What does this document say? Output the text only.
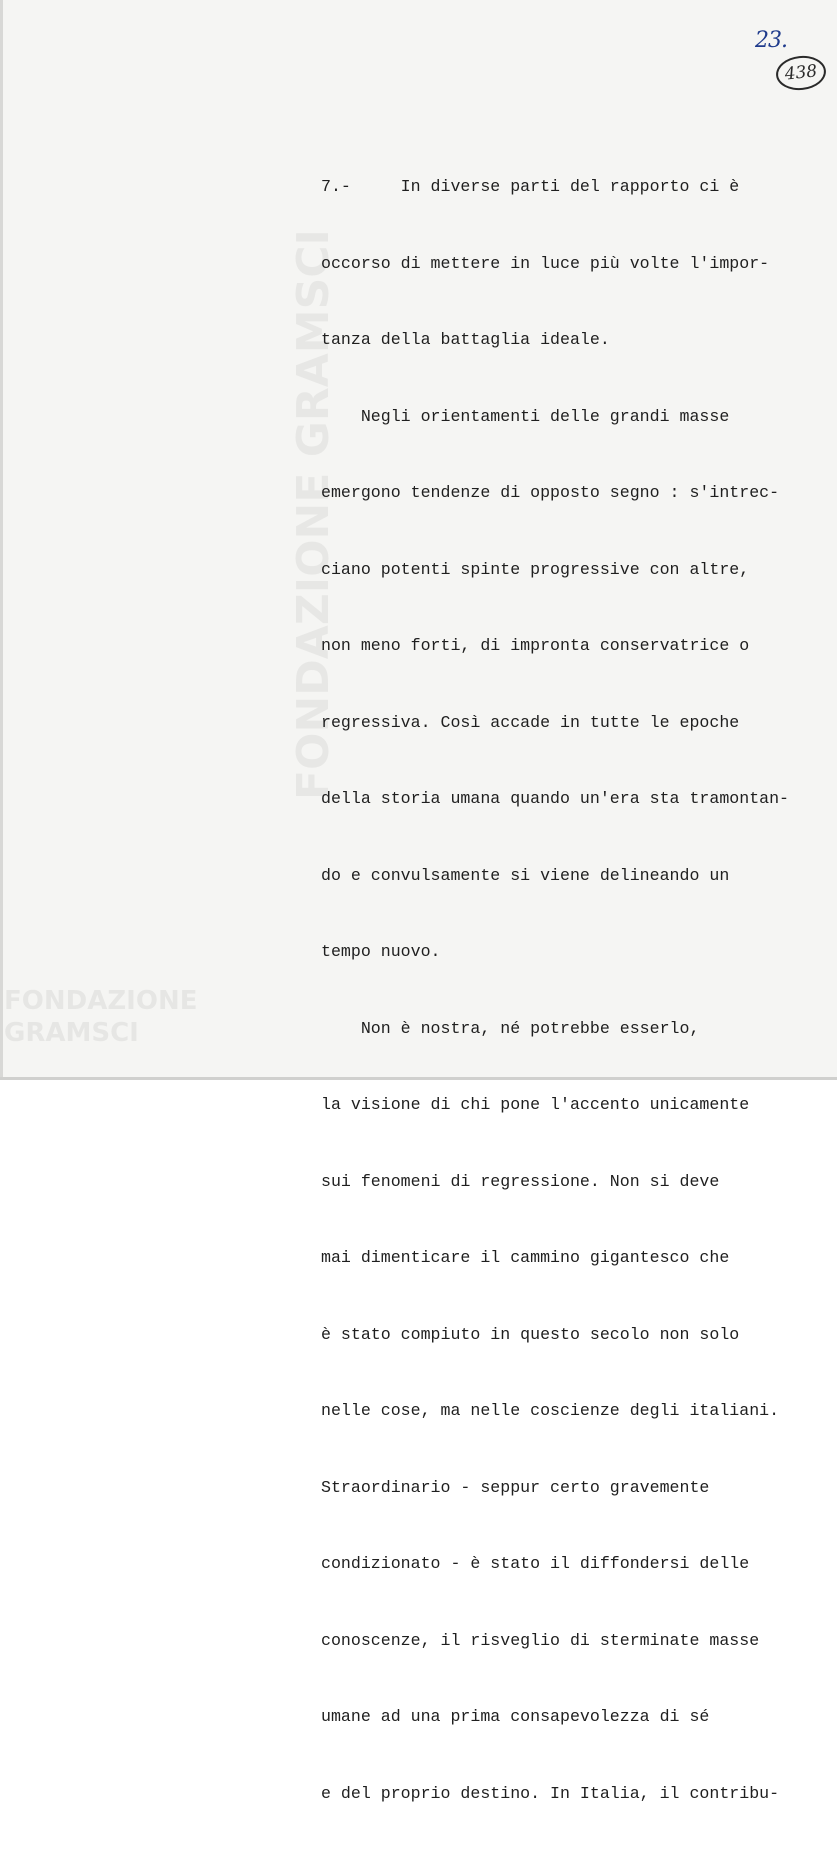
23.
438
FONDAZIONE GRAMSCI
FONDAZIONE GRAMSCI

7.-     In diverse parti del rapporto ci è

occorso di mettere in luce più volte l'impor-

tanza della battaglia ideale.

Negli orientamenti delle grandi masse

emergono tendenze di opposto segno : s'intrec-

ciano potenti spinte progressive con altre,

non meno forti, di impronta conservatrice o

regressiva. Così accade in tutte le epoche

della storia umana quando un'era sta tramontan-

do e convulsamente si viene delineando un

tempo nuovo.

Non è nostra, né potrebbe esserlo,

la visione di chi pone l'accento unicamente

sui fenomeni di regressione. Non si deve

mai dimenticare il cammino gigantesco che

è stato compiuto in questo secolo non solo

nelle cose, ma nelle coscienze degli italiani.

Straordinario - seppur certo gravemente

condizionato - è stato il diffondersi delle

conoscenze, il risveglio di sterminate masse

umane ad una prima consapevolezza di sé

e del proprio destino. In Italia, il contribu-
